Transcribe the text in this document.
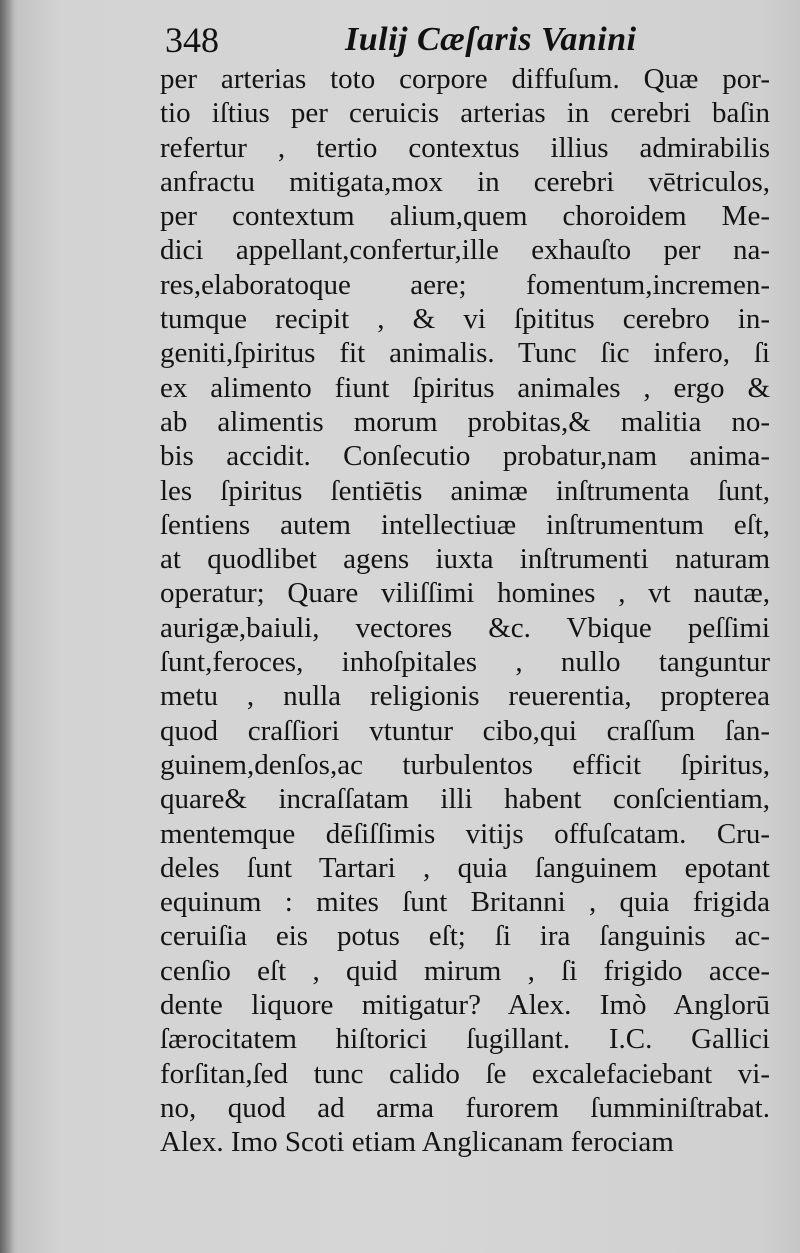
348	Iulij Cæſaris Vanini
per arterias toto corpore diffuſum. Quæ por-
tio iſtius per ceruicis arterias in cerebri baſin
refertur , tertio contextus illius admirabilis
anfractu mitigata,mox in cerebri vētriculos,
per contextum alium,quem choroidem Me-
dici appellant,confertur,ille exhauſto per na-
res,elaboratoque aere; fomentum,incremen-
tumque recipit , & vi ſpititus cerebro in-
geniti,ſpiritus fit animalis. Tunc ſic infero, ſi
ex alimento fiunt ſpiritus animales , ergo &
ab alimentis morum probitas,& malitia no-
bis accidit. Conſecutio probatur,nam anima-
les ſpiritus ſentiētis animæ inſtrumenta ſunt,
ſentiens autem intellectiuæ inſtrumentum eſt,
at quodlibet agens iuxta inſtrumenti naturam
operatur; Quare viliſſimi homines , vt nautæ,
aurigæ,baiuli, vectores &c. Vbique peſſimi
ſunt,feroces, inhoſpitales , nullo tanguntur
metu , nulla religionis reuerentia, propterea
quod craſſiori vtuntur cibo,qui craſſum ſan-
guinem,denſos,ac turbulentos efficit ſpiritus,
quare& incraſſatam illi habent conſcientiam,
mentemque dēſiſſimis vitijs offuſcatam. Cru-
deles ſunt Tartari , quia ſanguinem epotant
equinum : mites ſunt Britanni , quia frigida
ceruiſia eis potus eſt; ſi ira ſanguinis ac-
cenſio eſt , quid mirum , ſi frigido acce-
dente liquore mitigatur? Alex. Imò Anglorū
ſærocitatem hiſtorici ſugillant. I.C. Gallici
forſitan,ſed tunc calido ſe excalefaciebant vi-
no, quod ad arma furorem ſumminiſtrabat.
Alex. Imo Scoti etiam Anglicanam ferociam
